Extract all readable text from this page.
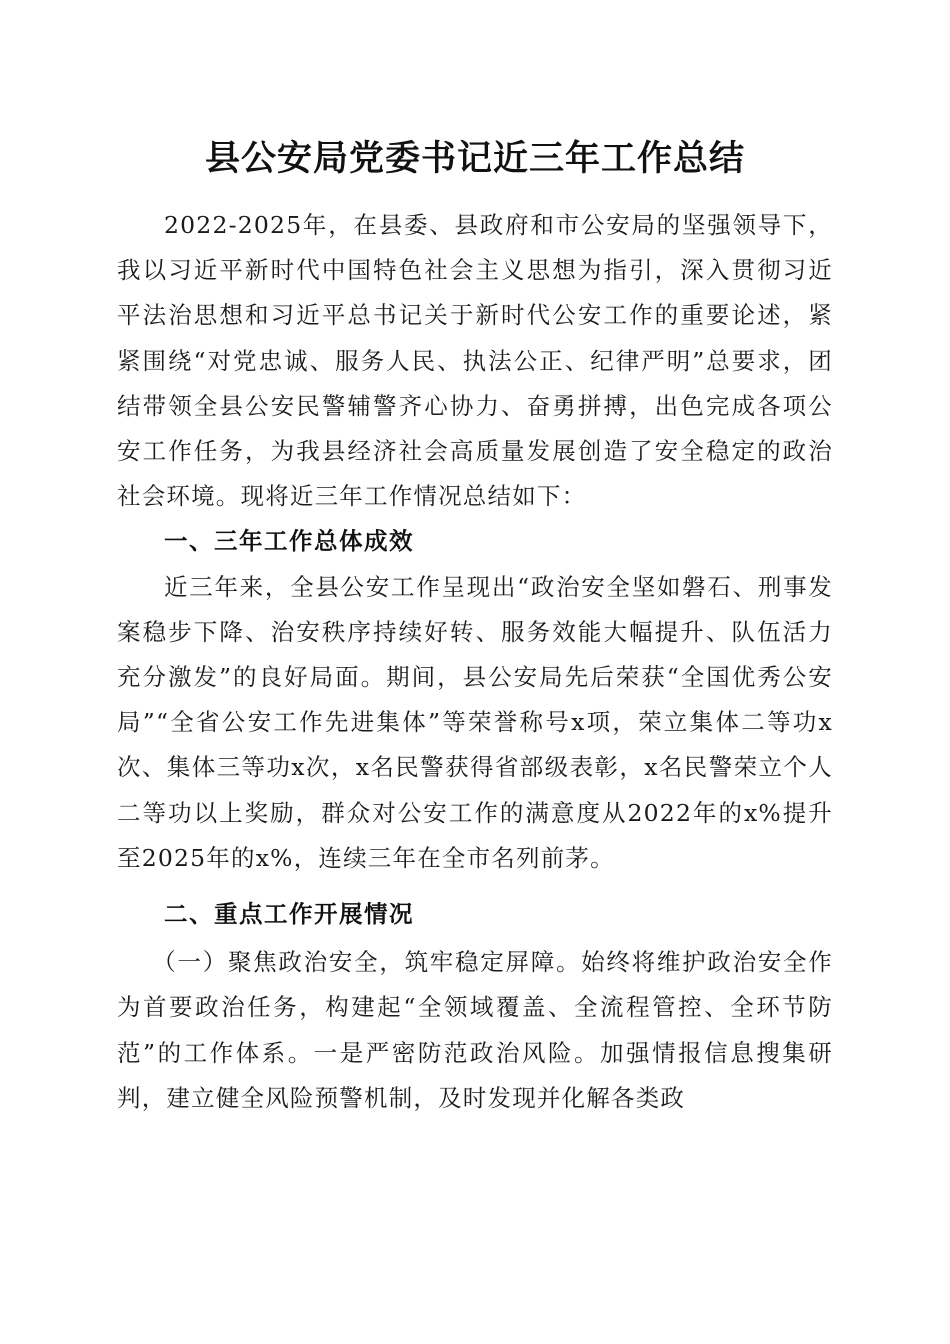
县公安局党委书记近三年工作总结

2022-2025年，在县委、县政府和市公安局的坚强领导下，我以习近平新时代中国特色社会主义思想为指引，深入贯彻习近平法治思想和习近平总书记关于新时代公安工作的重要论述，紧紧围绕“对党忠诚、服务人民、执法公正、纪律严明”总要求，团结带领全县公安民警辅警齐心协力、奋勇拼搏，出色完成各项公安工作任务，为我县经济社会高质量发展创造了安全稳定的政治社会环境。现将近三年工作情况总结如下：

一、三年工作总体成效

近三年来，全县公安工作呈现出“政治安全坚如磐石、刑事发案稳步下降、治安秩序持续好转、服务效能大幅提升、队伍活力充分激发”的良好局面。期间，县公安局先后荣获“全国优秀公安局”“全省公安工作先进集体”等荣誉称号x项，荣立集体二等功x次、集体三等功x次，x名民警获得省部级表彰，x名民警荣立个人二等功以上奖励，群众对公安工作的满意度从2022年的x%提升至2025年的x%，连续三年在全市名列前茅。

二、重点工作开展情况

（一）聚焦政治安全，筑牢稳定屏障。始终将维护政治安全作为首要政治任务，构建起“全领域覆盖、全流程管控、全环节防范”的工作体系。一是严密防范政治风险。加强情报信息搜集研判，建立健全风险预警机制，及时发现并化解各类政
